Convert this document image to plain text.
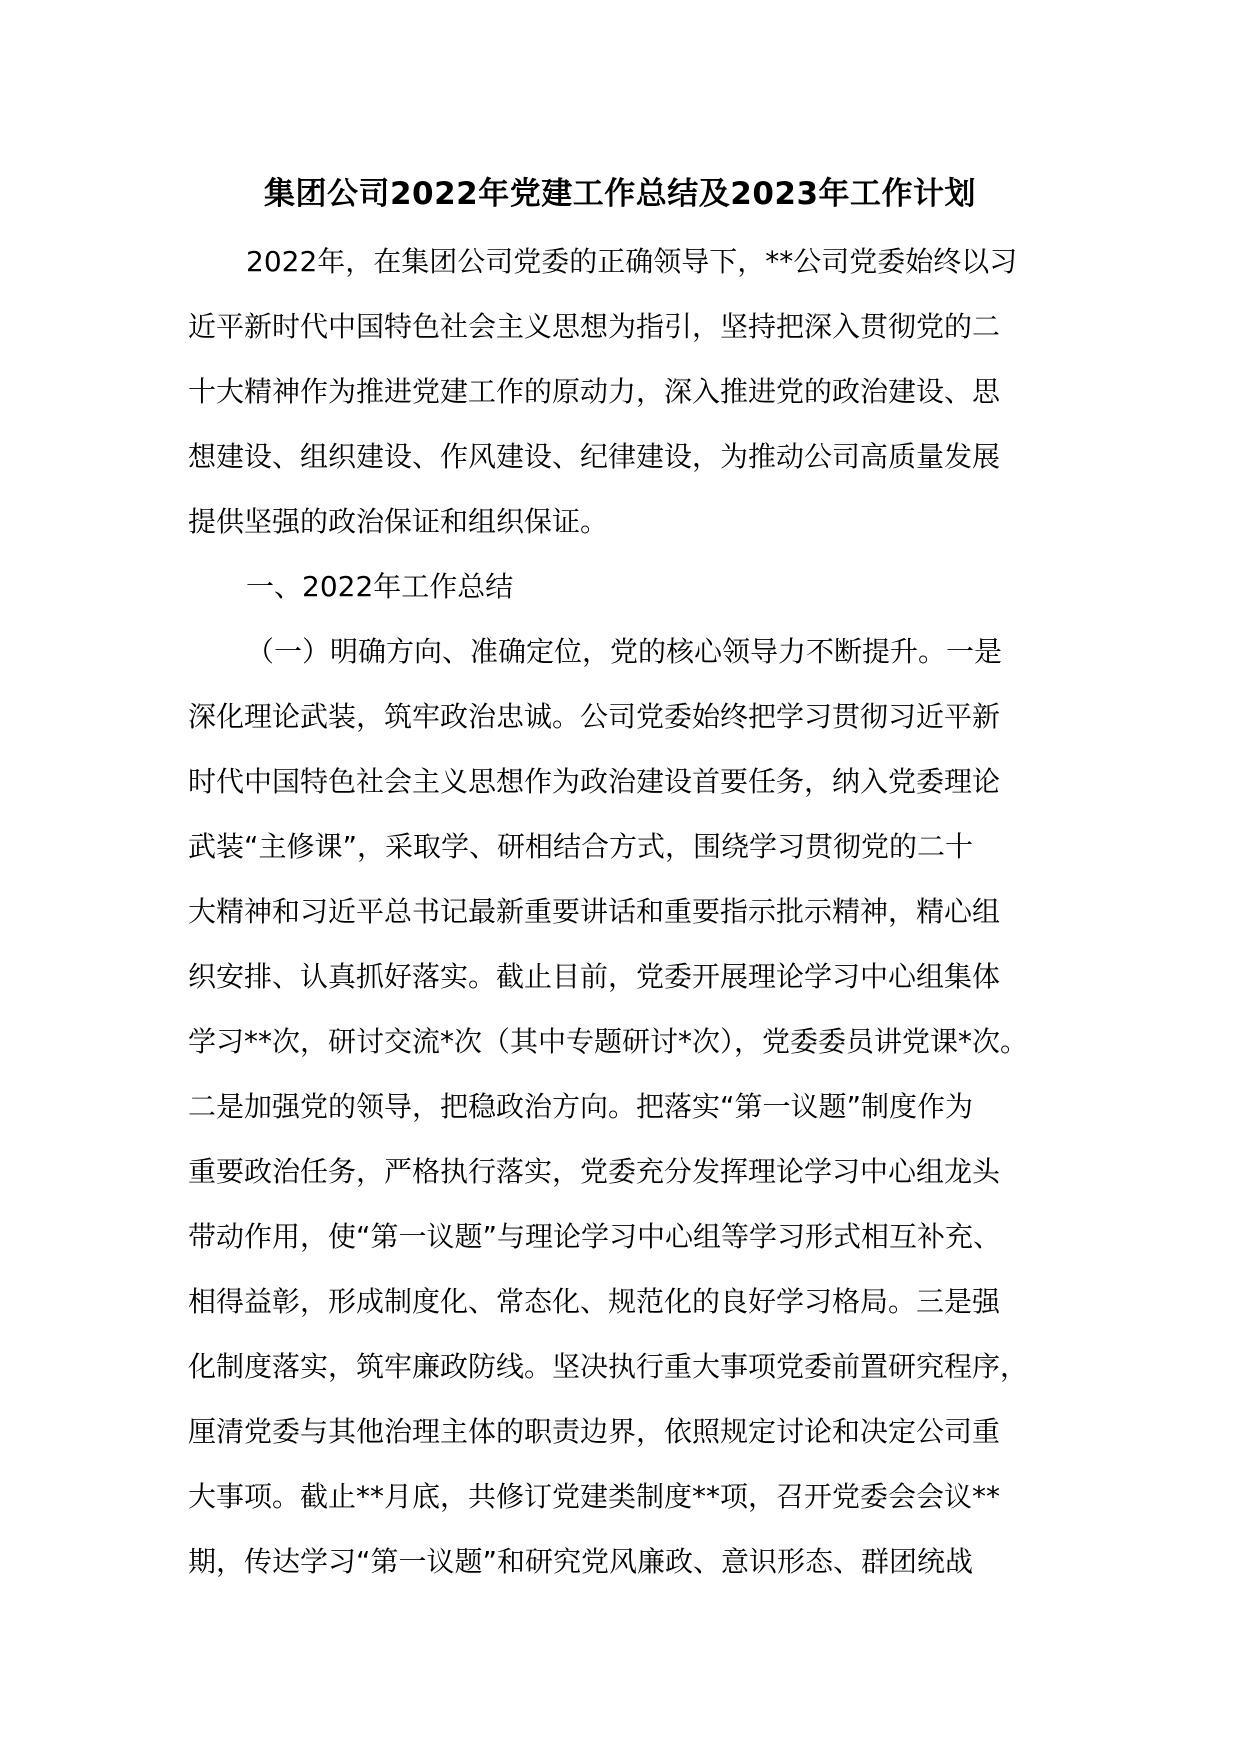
集团公司2022年党建工作总结及2023年工作计划
2022年，在集团公司党委的正确领导下，**公司党委始终以习
近平新时代中国特色社会主义思想为指引，坚持把深入贯彻党的二
十大精神作为推进党建工作的原动力，深入推进党的政治建设、思
想建设、组织建设、作风建设、纪律建设，为推动公司高质量发展
提供坚强的政治保证和组织保证。
一、2022年工作总结
（一）明确方向、准确定位，党的核心领导力不断提升。一是
深化理论武装，筑牢政治忠诚。公司党委始终把学习贯彻习近平新
时代中国特色社会主义思想作为政治建设首要任务，纳入党委理论
武装“主修课”，采取学、研相结合方式，围绕学习贯彻党的二十
大精神和习近平总书记最新重要讲话和重要指示批示精神，精心组
织安排、认真抓好落实。截止目前，党委开展理论学习中心组集体
学习**次，研讨交流*次（其中专题研讨*次），党委委员讲党课*次。
二是加强党的领导，把稳政治方向。把落实“第一议题”制度作为
重要政治任务，严格执行落实，党委充分发挥理论学习中心组龙头
带动作用，使“第一议题”与理论学习中心组等学习形式相互补充、
相得益彰，形成制度化、常态化、规范化的良好学习格局。三是强
化制度落实，筑牢廉政防线。坚决执行重大事项党委前置研究程序，
厘清党委与其他治理主体的职责边界，依照规定讨论和决定公司重
大事项。截止**月底，共修订党建类制度**项，召开党委会会议**
期，传达学习“第一议题”和研究党风廉政、意识形态、群团统战
